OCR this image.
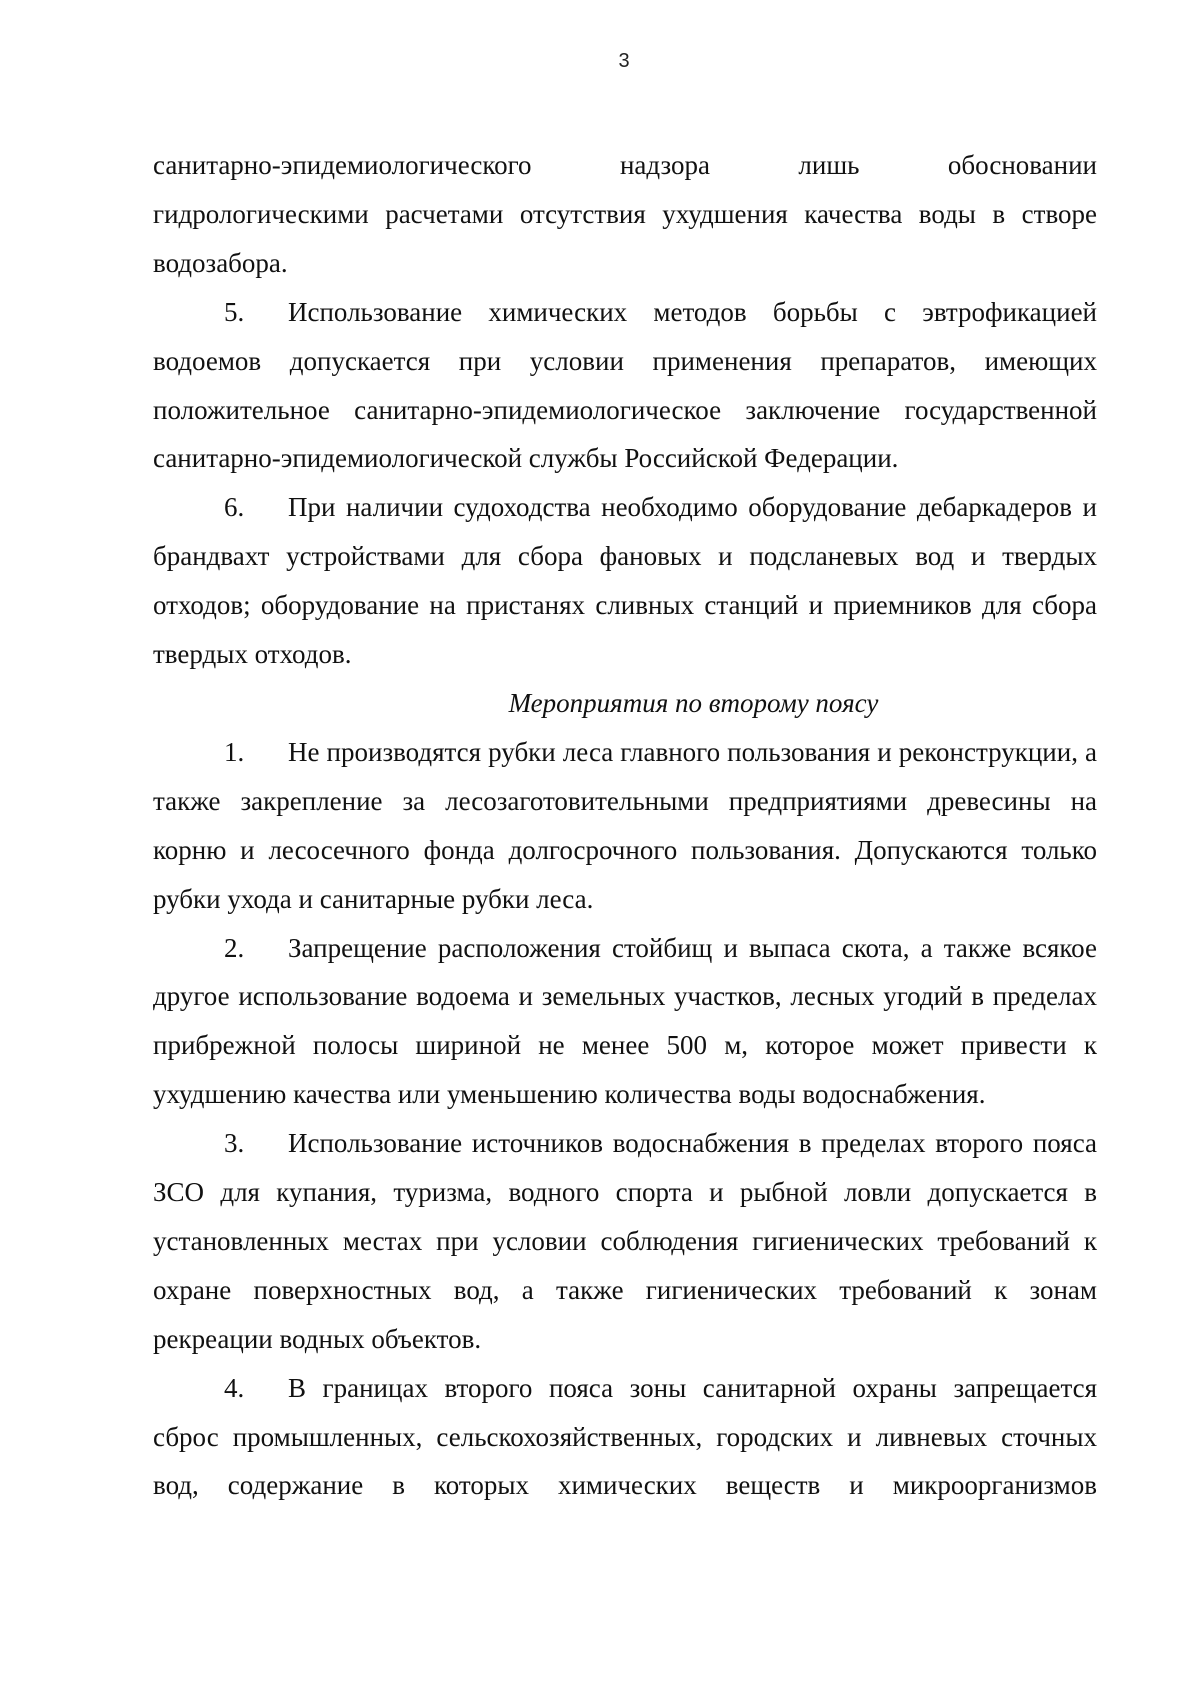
3

санитарно-эпидемиологического надзора лишь обосновании

гидрологическими расчетами отсутствия ухудшения качества воды в створе водозабора.

5. Использование химических методов борьбы с эвтрофикацией водоемов допускается при условии применения препаратов, имеющих положительное санитарно-эпидемиологическое заключение государственной санитарно-эпидемиологической службы Российской Федерации.

6. При наличии судоходства необходимо оборудование дебаркадеров и брандвахт устройствами для сбора фановых и подсланевых вод и твердых отходов; оборудование на пристанях сливных станций и приемников для сбора твердых отходов.

Мероприятия по второму поясу

1. Не производятся рубки леса главного пользования и реконструкции, а также закрепление за лесозаготовительными предприятиями древесины на корню и лесосечного фонда долгосрочного пользования. Допускаются только рубки ухода и санитарные рубки леса.

2. Запрещение расположения стойбищ и выпаса скота, а также всякое другое использование водоема и земельных участков, лесных угодий в пределах прибрежной полосы шириной не менее 500 м, которое может привести к ухудшению качества или уменьшению количества воды водоснабжения.

3. Использование источников водоснабжения в пределах второго пояса ЗСО для купания, туризма, водного спорта и рыбной ловли допускается в установленных местах при условии соблюдения гигиенических требований к охране поверхностных вод, а также гигиенических требований к зонам рекреации водных объектов.

4. В границах второго пояса зоны санитарной охраны запрещается сброс промышленных, сельскохозяйственных, городских и ливневых сточных вод, содержание в которых химических веществ и микроорганизмов
